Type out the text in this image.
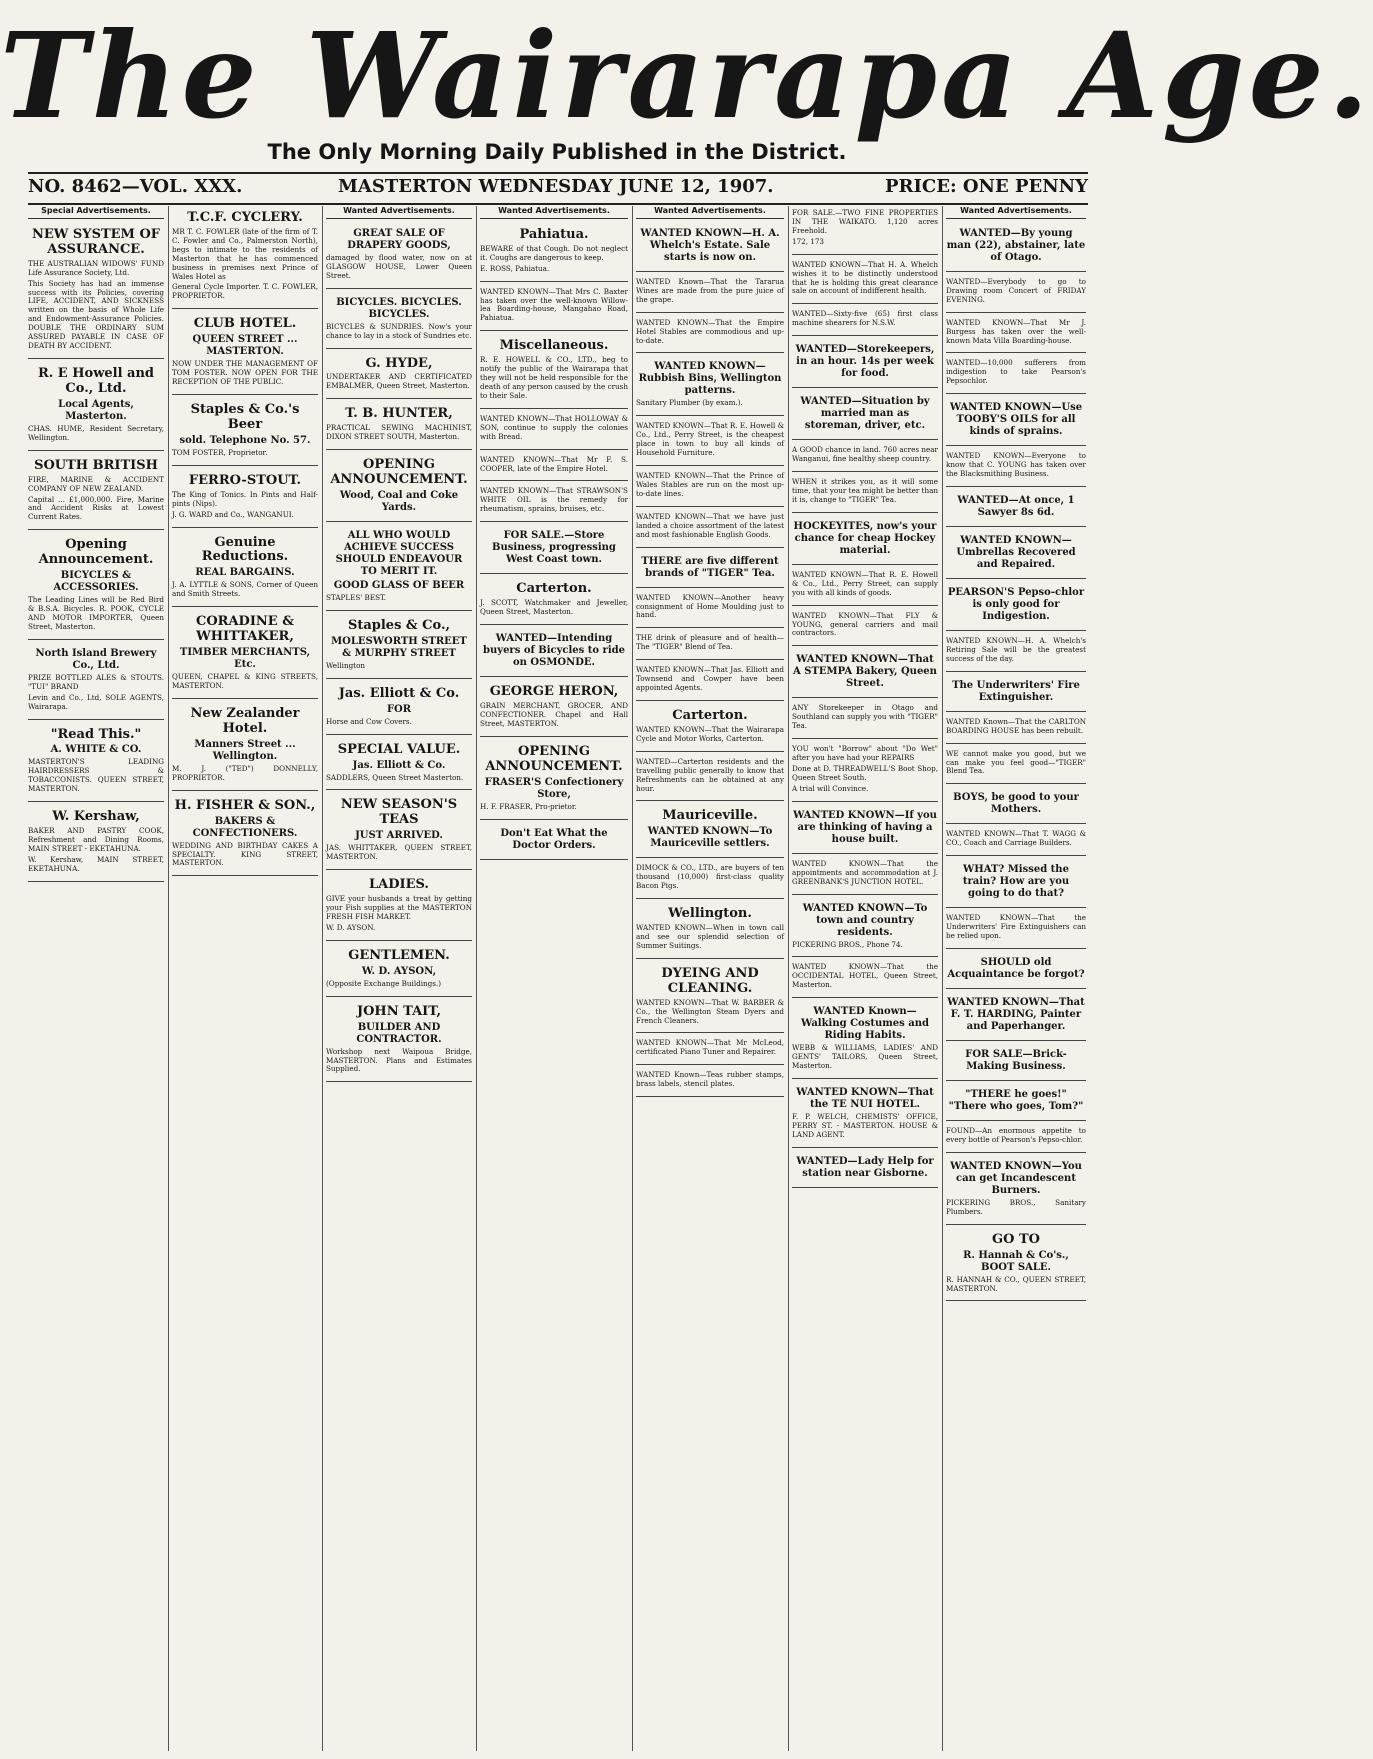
The Wairarapa Age.
The Only Morning Daily Published in the District.
NO. 8462—VOL. XXX.	MASTERTON WEDNESDAY JUNE 12, 1907.	PRICE: ONE PENNY
Special Advertisements.

NEW SYSTEM OF ASSURANCE.

THE AUSTRALIAN WIDOWS' FUND Life Assurance Society, Ltd.

This Society has had an immense success with its Policies, covering LIFE, ACCIDENT, AND SICKNESS written on the basis of Whole Life and Endowment-Assurance Policies. DOUBLE THE ORDINARY SUM ASSURED PAYABLE IN CASE OF DEATH BY ACCIDENT.

R. E Howell and Co., Ltd.

Local Agents, Masterton.

CHAS. HUME, Resident Secretary, Wellington.

SOUTH BRITISH

FIRE, MARINE & ACCIDENT COMPANY OF NEW ZEALAND.

Capital ... £1,000,000. Fire, Marine and Accident Risks at Lowest Current Rates.

Opening Announcement.

BICYCLES & ACCESSORIES.

The Leading Lines will be Red Bird & B.S.A. Bicycles. R. POOK, CYCLE AND MOTOR IMPORTER, Queen Street, Masterton.

North Island Brewery Co., Ltd.

PRIZE BOTTLED ALES & STOUTS. "TUI" BRAND

Levin and Co., Ltd, SOLE AGENTS, Wairarapa.

"Read This."

A. WHITE & CO.

MASTERTON'S LEADING HAIRDRESSERS & TOBACCONISTS. QUEEN STREET, MASTERTON.

W. Kershaw,

BAKER AND PASTRY COOK, Refreshment and Dining Rooms, MAIN STREET - EKETAHUNA.

W. Kershaw, MAIN STREET, EKETAHUNA.

T.C.F. CYCLERY.

MR T. C. FOWLER (late of the firm of T. C. Fowler and Co., Palmerston North), begs to intimate to the residents of Masterton that he has commenced business in premises next Prince of Wales Hotel as

General Cycle Importer. T. C. FOWLER, PROPRIETOR.

CLUB HOTEL.

QUEEN STREET ... MASTERTON.

NOW UNDER THE MANAGEMENT OF TOM FOSTER. NOW OPEN FOR THE RECEPTION OF THE PUBLIC.

Staples & Co.'s Beer

sold. Telephone No. 57.

TOM FOSTER, Proprietor.

FERRO-STOUT.

The King of Tonics. In Pints and Half-pints (Nips).

J. G. WARD and Co., WANGANUI.

Genuine Reductions.

REAL BARGAINS.

J. A. LYTTLE & SONS, Corner of Queen and Smith Streets.

CORADINE & WHITTAKER,

TIMBER MERCHANTS, Etc.

QUEEN, CHAPEL & KING STREETS, MASTERTON.

New Zealander Hotel.

Manners Street ... Wellington.

M. J. ("TED") DONNELLY, PROPRIETOR.

H. FISHER & SON.,

BAKERS & CONFECTIONERS.

WEDDING AND BIRTHDAY CAKES A SPECIALTY. KING STREET, MASTERTON.

Wanted Advertisements.

GREAT SALE OF DRAPERY GOODS,

damaged by flood water, now on at GLASGOW HOUSE, Lower Queen Street.

BICYCLES. BICYCLES. BICYCLES.

BICYCLES & SUNDRIES. Now's your chance to lay in a stock of Sundries etc.

G. HYDE,

UNDERTAKER AND CERTIFICATED EMBALMER, Queen Street, Masterton.

T. B. HUNTER,

PRACTICAL SEWING MACHINIST, DIXON STREET SOUTH, Masterton.

OPENING ANNOUNCEMENT.

Wood, Coal and Coke Yards.

ALL WHO WOULD ACHIEVE SUCCESS SHOULD ENDEAVOUR TO MERIT IT.

GOOD GLASS OF BEER

STAPLES' BEST.

Staples & Co.,

MOLESWORTH STREET & MURPHY STREET

Wellington

Jas. Elliott & Co.

FOR

Horse and Cow Covers.

SPECIAL VALUE.

Jas. Elliott & Co.

SADDLERS, Queen Street Masterton.

NEW SEASON'S TEAS

JUST ARRIVED.

JAS. WHITTAKER, QUEEN STREET, MASTERTON.

LADIES.

GIVE your husbands a treat by getting your Fish supplies at the MASTERTON FRESH FISH MARKET.

W. D. AYSON.

GENTLEMEN.

W. D. AYSON,

(Opposite Exchange Buildings.)

JOHN TAIT,

BUILDER AND CONTRACTOR.

Workshop next Waipoua Bridge, MASTERTON. Plans and Estimates Supplied.

Wanted Advertisements.

Pahiatua.

BEWARE of that Cough. Do not neglect it. Coughs are dangerous to keep.

E. ROSS, Pahiatua.

WANTED KNOWN—That Mrs C. Baxter has taken over the well-known Willow-lea Boarding-house, Mangahao Road, Pahiatua.

Miscellaneous.

R. E. HOWELL & CO., LTD., beg to notify the public of the Wairarapa that they will not be held responsible for the death of any person caused by the crush to their Sale.

WANTED KNOWN—That HOLLOWAY & SON, continue to supply the colonies with Bread.

WANTED KNOWN—That Mr F. S. COOPER, late of the Empire Hotel.

WANTED KNOWN—That STRAWSON'S WHITE OIL is the remedy for rheumatism, sprains, bruises, etc.

FOR SALE.—Store Business, progressing West Coast town.

Carterton.

J. SCOTT, Watchmaker and Jeweller, Queen Street, Masterton.

WANTED—Intending buyers of Bicycles to ride on OSMONDE.

GEORGE HERON,

GRAIN MERCHANT, GROCER, AND CONFECTIONER. Chapel and Hall Street, MASTERTON.

OPENING ANNOUNCEMENT.

FRASER'S Confectionery Store,

H. F. FRASER, Pro-prietor.

Don't Eat What the Doctor Orders.

Wanted Advertisements.

WANTED KNOWN—H. A. Whelch's Estate. Sale starts is now on.

WANTED Known—That the Tararua Wines are made from the pure juice of the grape.

WANTED KNOWN—That the Empire Hotel Stables are commodious and up-to-date.

WANTED KNOWN—Rubbish Bins, Wellington patterns.

Sanitary Plumber (by exam.).

WANTED KNOWN—That R. E. Howell & Co., Ltd., Perry Street, is the cheapest place in town to buy all kinds of Household Furniture.

WANTED KNOWN—That the Prince of Wales Stables are run on the most up-to-date lines.

WANTED KNOWN—That we have just landed a choice assortment of the latest and most fashionable English Goods.

THERE are five different brands of "TIGER" Tea.

WANTED KNOWN—Another heavy consignment of Home Moulding just to hand.

THE drink of pleasure and of health—The "TIGER" Blend of Tea.

WANTED KNOWN—That Jas. Elliott and Townsend and Cowper have been appointed Agents.

Carterton.

WANTED KNOWN—That the Wairarapa Cycle and Motor Works, Carterton.

WANTED—Carterton residents and the travelling public generally to know that Refreshments can be obtained at any hour.

Mauriceville.

WANTED KNOWN—To Mauriceville settlers.

DIMOCK & CO., LTD., are buyers of ten thousand (10,000) first-class quality Bacon Pigs.

Wellington.

WANTED KNOWN—When in town call and see our splendid selection of Summer Suitings.

DYEING AND CLEANING.

WANTED KNOWN—That W. BARBER & Co., the Wellington Steam Dyers and French Cleaners.

WANTED KNOWN—That Mr McLeod, certificated Piano Tuner and Repairer.

WANTED Known—Teas rubber stamps, brass labels, stencil plates.

FOR SALE.—TWO FINE PROPERTIES IN THE WAIKATO. 1,120 acres Freehold.

172, 173

WANTED KNOWN—That H. A. Whelch wishes it to be distinctly understood that he is holding this great clearance sale on account of indifferent health.

WANTED—Sixty-five (65) first class machine shearers for N.S.W.

WANTED—Storekeepers, in an hour. 14s per week for food.

WANTED—Situation by married man as storeman, driver, etc.

A GOOD chance in land. 760 acres near Wanganui, fine healthy sheep country.

WHEN it strikes you, as it will some time, that your tea might be better than it is, change to "TIGER" Tea.

HOCKEYITES, now's your chance for cheap Hockey material.

WANTED KNOWN—That R. E. Howell & Co., Ltd., Perry Street, can supply you with all kinds of goods.

WANTED KNOWN—That FLY & YOUNG, general carriers and mail contractors.

WANTED KNOWN—That A STEMPA Bakery, Queen Street.

ANY Storekeeper in Otago and Southland can supply you with "TIGER" Tea.

YOU won't "Borrow" about "Do Wet" after you have had your REPAIRS

Done at D. THREADWELL'S Boot Shop, Queen Street South.

A trial will Convince.

WANTED KNOWN—If you are thinking of having a house built.

WANTED KNOWN—That the appointments and accommodation at J. GREENBANK'S JUNCTION HOTEL.

WANTED KNOWN—To town and country residents.

PICKERING BROS., Phone 74.

WANTED KNOWN—That the OCCIDENTAL HOTEL, Queen Street, Masterton.

WANTED Known—Walking Costumes and Riding Habits.

WEBB & WILLIAMS, LADIES' AND GENTS' TAILORS, Queen Street, Masterton.

WANTED KNOWN—That the TE NUI HOTEL.

F. P. WELCH, CHEMISTS' OFFICE, PERRY ST. - MASTERTON. HOUSE & LAND AGENT.

WANTED—Lady Help for station near Gisborne.

Wanted Advertisements.

WANTED—By young man (22), abstainer, late of Otago.

WANTED—Everybody to go to Drawing room Concert of FRIDAY EVENING.

WANTED KNOWN—That Mr J. Burgess has taken over the well-known Mata Villa Boarding-house.

WANTED—10,000 sufferers from indigestion to take Pearson's Pepsochlor.

WANTED KNOWN—Use TOOBY'S OILS for all kinds of sprains.

WANTED KNOWN—Everyone to know that C. YOUNG has taken over the Blacksmithing Business.

WANTED—At once, 1 Sawyer 8s 6d.

WANTED KNOWN—Umbrellas Recovered and Repaired.

PEARSON'S Pepso-chlor is only good for Indigestion.

WANTED KNOWN—H. A. Whelch's Retiring Sale will be the greatest success of the day.

The Underwriters' Fire Extinguisher.

WANTED Known—That the CARLTON BOARDING HOUSE has been rebuilt.

WE cannot make you good, but we can make you feel good—"TIGER" Blend Tea.

BOYS, be good to your Mothers.

WANTED KNOWN—That T. WAGG & CO., Coach and Carriage Builders.

WHAT? Missed the train? How are you going to do that?

WANTED KNOWN—That the Underwriters' Fire Extinguishers can be relied upon.

SHOULD old Acquaintance be forgot?

WANTED KNOWN—That F. T. HARDING, Painter and Paperhanger.

FOR SALE—Brick-Making Business.

"THERE he goes!" "There who goes, Tom?"

FOUND—An enormous appetite to every bottle of Pearson's Pepso-chlor.

WANTED KNOWN—You can get Incandescent Burners.

PICKERING BROS., Sanitary Plumbers.

GO TO

R. Hannah & Co's., BOOT SALE.

R. HANNAH & CO., QUEEN STREET, MASTERTON.
